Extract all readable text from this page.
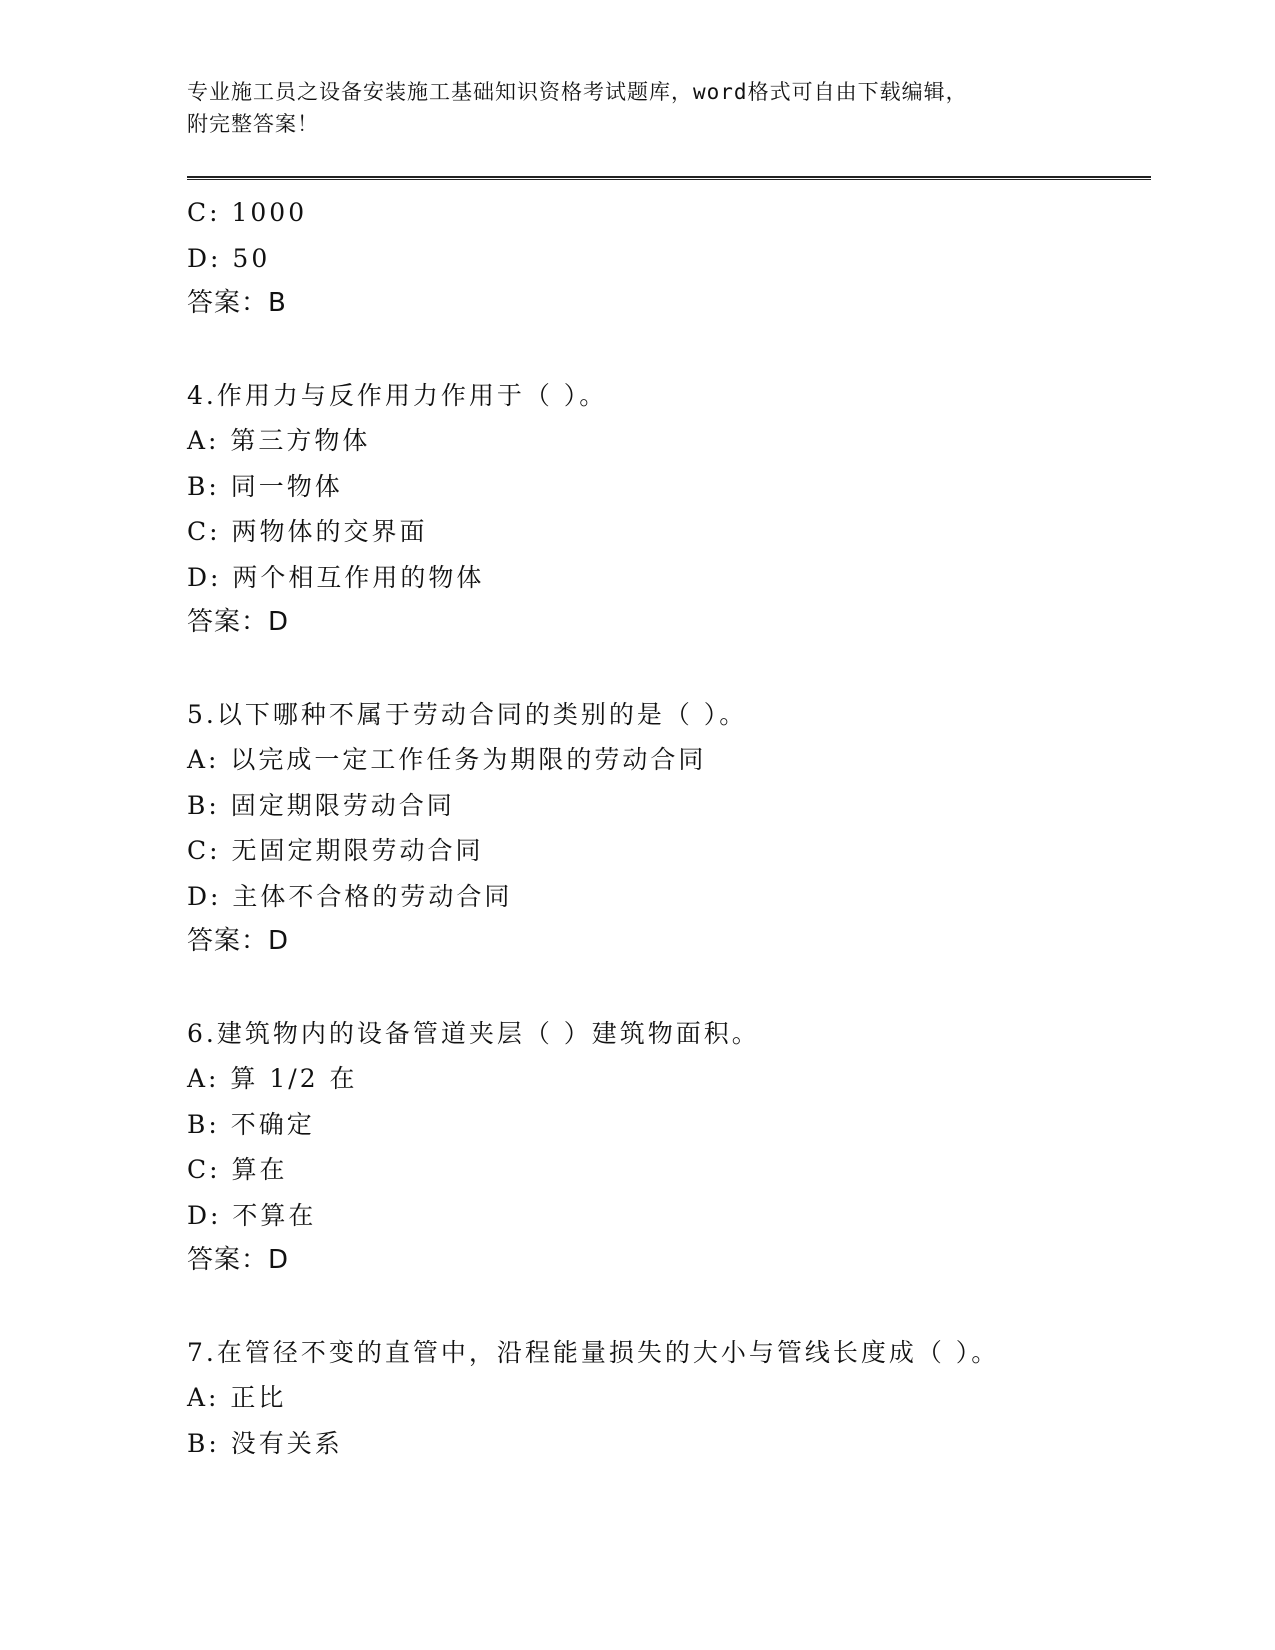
专业施工员之设备安装施工基础知识资格考试题库，word格式可自由下载编辑，
附完整答案！
C: 1000
D: 50
答案：B
4.作用力与反作用力作用于（ ）。
A: 第三方物体
B: 同一物体
C: 两物体的交界面
D: 两个相互作用的物体
答案：D
5.以下哪种不属于劳动合同的类别的是（ ）。
A: 以完成一定工作任务为期限的劳动合同
B: 固定期限劳动合同
C: 无固定期限劳动合同
D: 主体不合格的劳动合同
答案：D
6.建筑物内的设备管道夹层（ ）建筑物面积。
A: 算 1/2 在
B: 不确定
C: 算在
D: 不算在
答案：D
7.在管径不变的直管中，沿程能量损失的大小与管线长度成（ ）。
A: 正比
B: 没有关系
